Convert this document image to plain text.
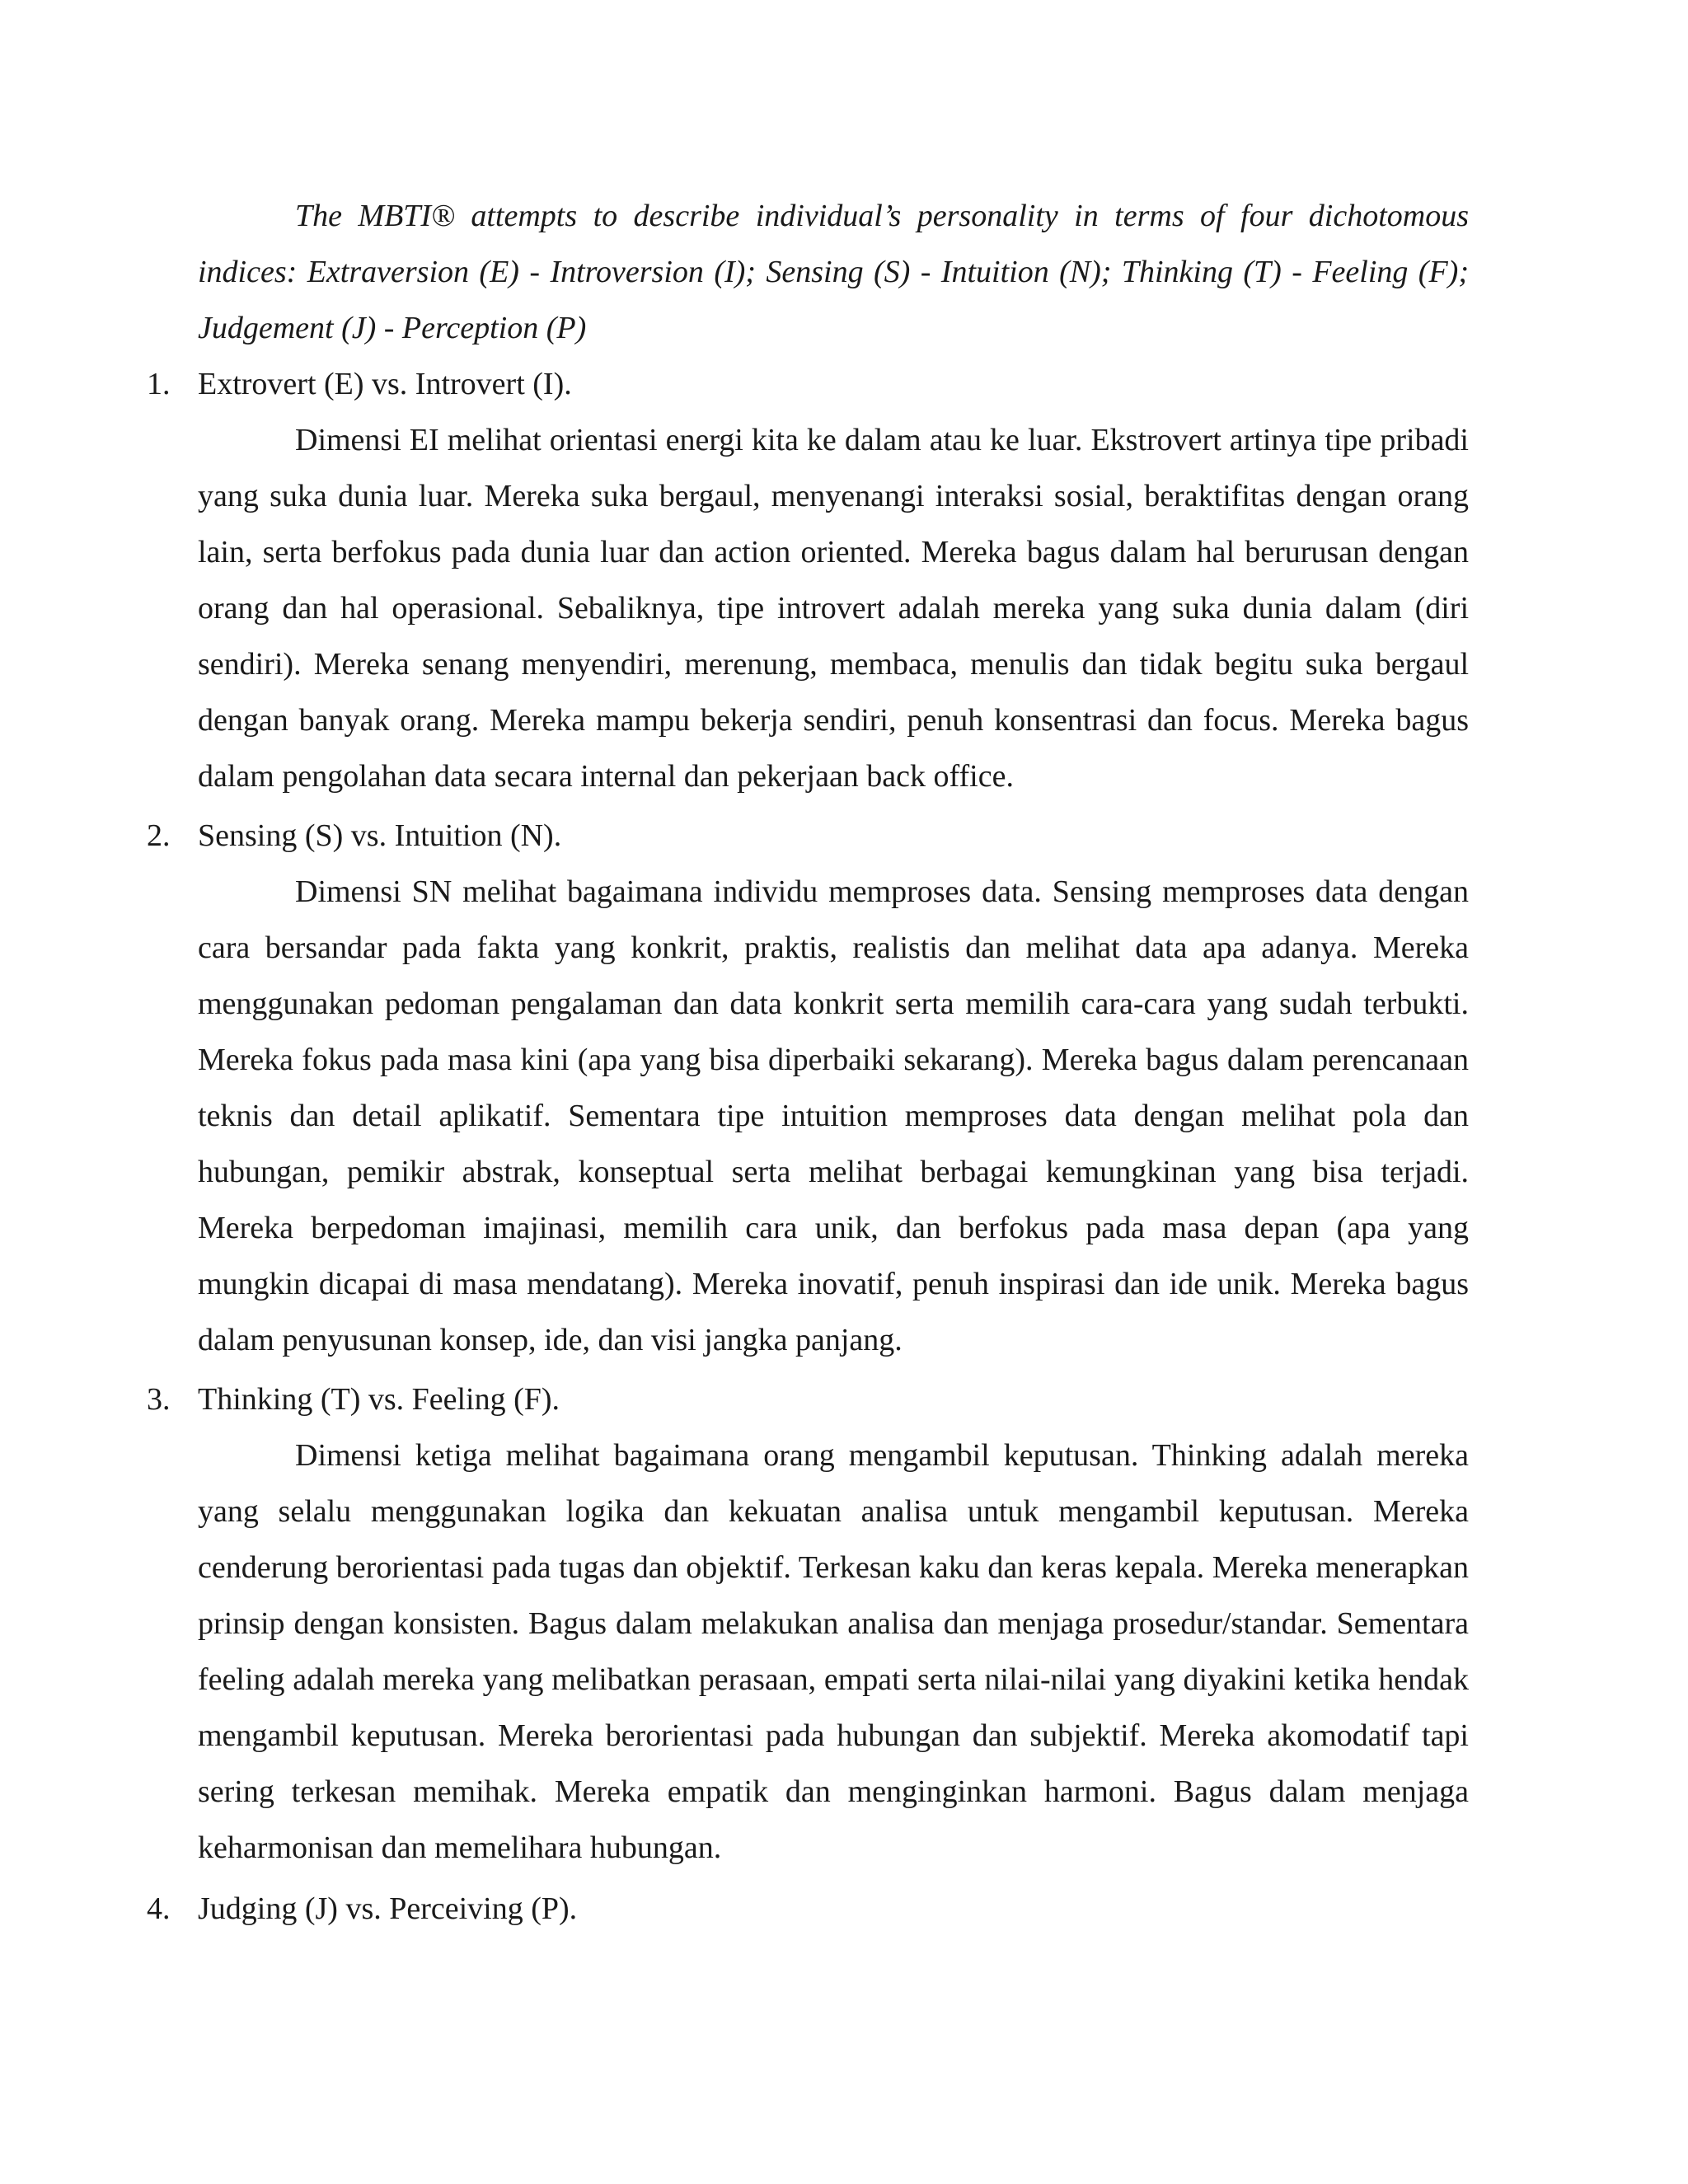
The MBTI® attempts to describe individual’s personality in terms of four dichotomous indices: Extraversion (E) - Introversion (I); Sensing (S) - Intuition (N); Thinking (T) - Feeling (F); Judgement (J) - Perception (P)

1. Extrovert (E) vs. Introvert (I).

Dimensi EI melihat orientasi energi kita ke dalam atau ke luar. Ekstrovert artinya tipe pribadi yang suka dunia luar. Mereka suka bergaul, menyenangi interaksi sosial, beraktifitas dengan orang lain, serta berfokus pada dunia luar dan action oriented. Mereka bagus dalam hal berurusan dengan orang dan hal operasional. Sebaliknya, tipe introvert adalah mereka yang suka dunia dalam (diri sendiri). Mereka senang menyendiri, merenung, membaca, menulis dan tidak begitu suka bergaul dengan banyak orang. Mereka mampu bekerja sendiri, penuh konsentrasi dan focus. Mereka bagus dalam pengolahan data secara internal dan pekerjaan back office.

2. Sensing (S) vs. Intuition (N).

Dimensi SN melihat bagaimana individu memproses data. Sensing memproses data dengan cara bersandar pada fakta yang konkrit, praktis, realistis dan melihat data apa adanya. Mereka menggunakan pedoman pengalaman dan data konkrit serta memilih cara-cara yang sudah terbukti. Mereka fokus pada masa kini (apa yang bisa diperbaiki sekarang). Mereka bagus dalam perencanaan teknis dan detail aplikatif. Sementara tipe intuition memproses data dengan melihat pola dan hubungan, pemikir abstrak, konseptual serta melihat berbagai kemungkinan yang bisa terjadi. Mereka berpedoman imajinasi, memilih cara unik, dan berfokus pada masa depan (apa yang mungkin dicapai di masa mendatang). Mereka inovatif, penuh inspirasi dan ide unik. Mereka bagus dalam penyusunan konsep, ide, dan visi jangka panjang.

3. Thinking (T) vs. Feeling (F).

Dimensi ketiga melihat bagaimana orang mengambil keputusan. Thinking adalah mereka yang selalu menggunakan logika dan kekuatan analisa untuk mengambil keputusan. Mereka cenderung berorientasi pada tugas dan objektif. Terkesan kaku dan keras kepala. Mereka menerapkan prinsip dengan konsisten. Bagus dalam melakukan analisa dan menjaga prosedur/standar. Sementara feeling adalah mereka yang melibatkan perasaan, empati serta nilai-nilai yang diyakini ketika hendak mengambil keputusan. Mereka berorientasi pada hubungan dan subjektif. Mereka akomodatif tapi sering terkesan memihak. Mereka empatik dan menginginkan harmoni. Bagus dalam menjaga keharmonisan dan memelihara hubungan.

4. Judging (J) vs. Perceiving (P).
